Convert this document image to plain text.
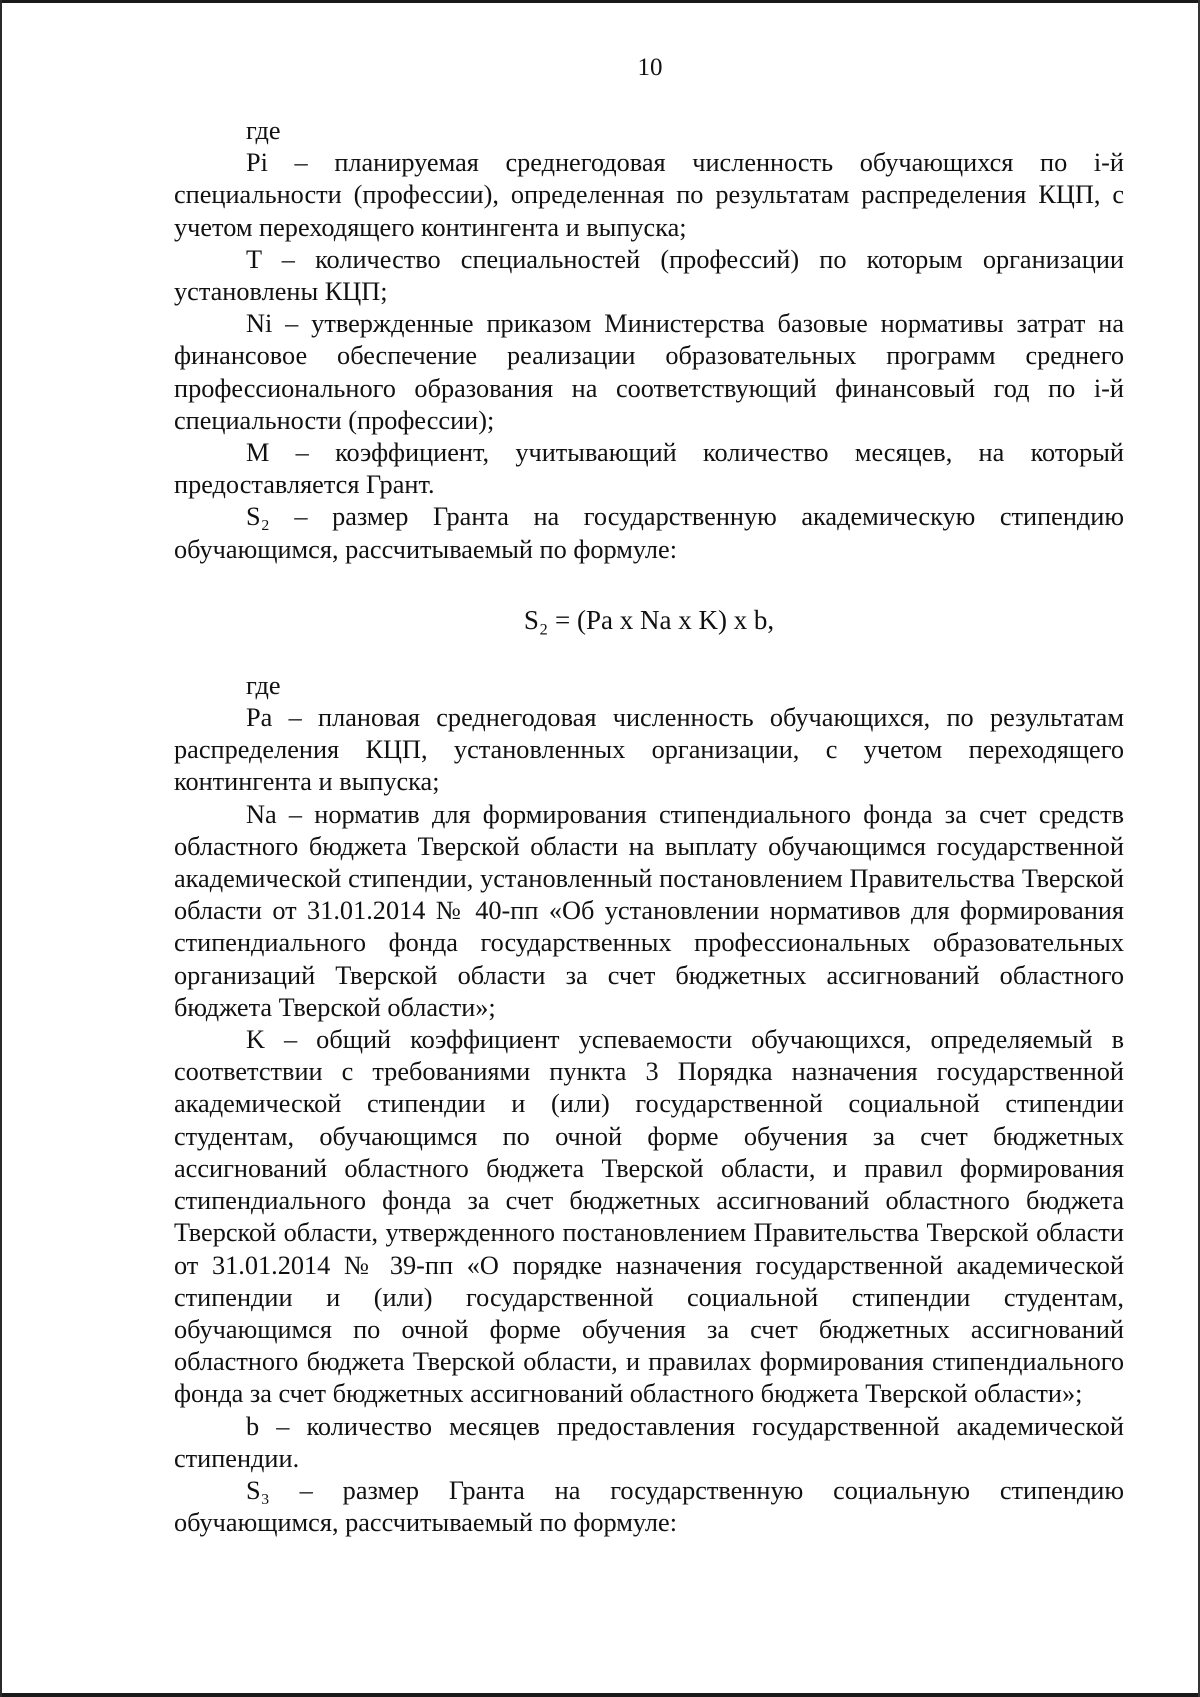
10

где

Pi – планируемая среднегодовая численность обучающихся по i-й специальности (профессии), определенная по результатам распределения КЦП, с учетом переходящего контингента и выпуска;

T – количество специальностей (профессий) по которым организации установлены КЦП;

Ni – утвержденные приказом Министерства базовые нормативы затрат на финансовое обеспечение реализации образовательных программ среднего профессионального образования на соответствующий финансовый год по i-й специальности (профессии);

M – коэффициент, учитывающий количество месяцев, на который предоставляется Грант.

S₂ – размер Гранта на государственную академическую стипендию обучающимся, рассчитываемый по формуле:

S₂ = (Pa x Na x K) x b,

где

Pa – плановая среднегодовая численность обучающихся, по результатам распределения КЦП, установленных организации, с учетом переходящего контингента и выпуска;

Na – норматив для формирования стипендиального фонда за счет средств областного бюджета Тверской области на выплату обучающимся государственной академической стипендии, установленный постановлением Правительства Тверской области от 31.01.2014 № 40-пп «Об установлении нормативов для формирования стипендиального фонда государственных профессиональных образовательных организаций Тверской области за счет бюджетных ассигнований областного бюджета Тверской области»;

K – общий коэффициент успеваемости обучающихся, определяемый в соответствии с требованиями пункта 3 Порядка назначения государственной академической стипендии и (или) государственной социальной стипендии студентам, обучающимся по очной форме обучения за счет бюджетных ассигнований областного бюджета Тверской области, и правил формирования стипендиального фонда за счет бюджетных ассигнований областного бюджета Тверской области, утвержденного постановлением Правительства Тверской области от 31.01.2014 № 39-пп «О порядке назначения государственной академической стипендии и (или) государственной социальной стипендии студентам, обучающимся по очной форме обучения за счет бюджетных ассигнований областного бюджета Тверской области, и правилах формирования стипендиального фонда за счет бюджетных ассигнований областного бюджета Тверской области»;

b – количество месяцев предоставления государственной академической стипендии.

S₃ – размер Гранта на государственную социальную стипендию обучающимся, рассчитываемый по формуле:
